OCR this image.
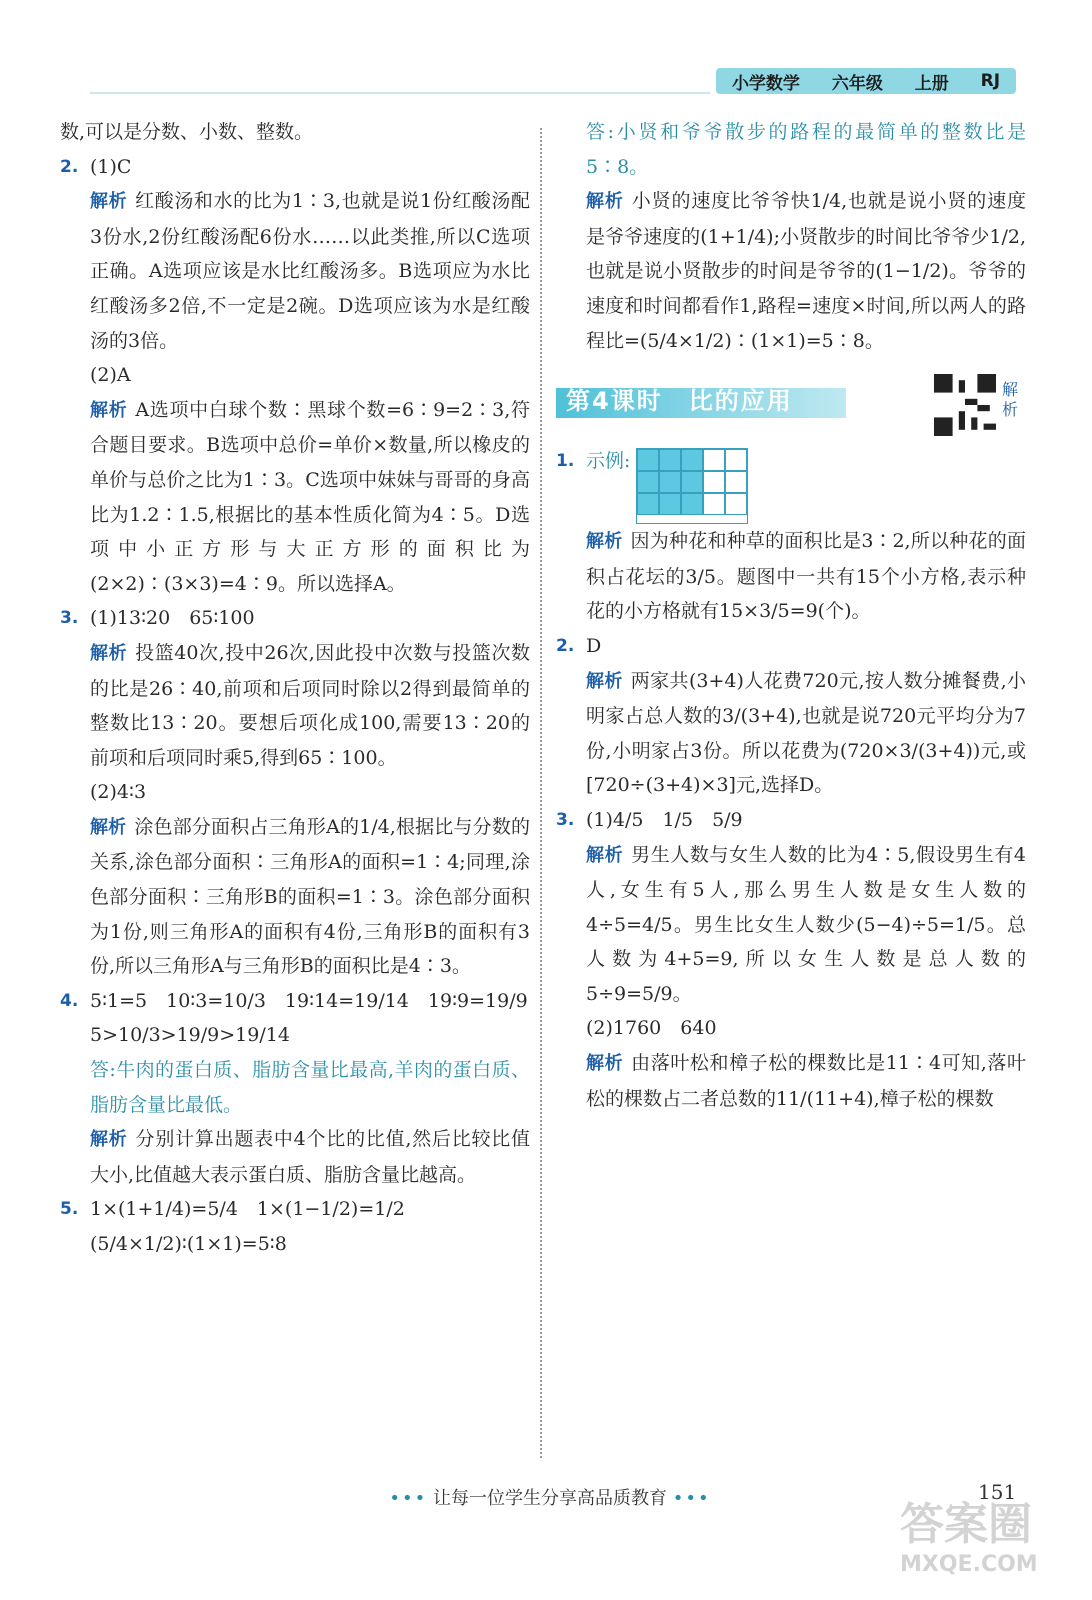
小学数学 六年级 上册 RJ

数,可以是分数、小数、整数。

2. (1)C

解析 红酸汤和水的比为1∶3,也就是说1份红酸汤配3份水,2份红酸汤配6份水……以此类推,所以C选项正确。A选项应该是水比红酸汤多。B选项应为水比红酸汤多2倍,不一定是2碗。D选项应该为水是红酸汤的3倍。

(2)A

解析 A选项中白球个数∶黑球个数=6∶9=2∶3,符合题目要求。B选项中总价=单价×数量,所以橡皮的单价与总价之比为1∶3。C选项中妹妹与哥哥的身高比为1.2∶1.5,根据比的基本性质化简为4∶5。D选项中小正方形与大正方形的面积比为(2×2)∶(3×3)=4∶9。所以选择A。

3. (1)13∶20　65∶100

解析 投篮40次,投中26次,因此投中次数与投篮次数的比是26∶40,前项和后项同时除以2得到最简单的整数比13∶20。要想后项化成100,需要13∶20的前项和后项同时乘5,得到65∶100。

(2)4∶3

解析 涂色部分面积占三角形A的1/4,根据比与分数的关系,涂色部分面积∶三角形A的面积=1∶4;同理,涂色部分面积∶三角形B的面积=1∶3。涂色部分面积为1份,则三角形A的面积有4份,三角形B的面积有3份,所以三角形A与三角形B的面积比是4∶3。

4. 5∶1=5　10∶3=10/3　19∶14=19/14　19∶9=19/9

5>10/3>19/9>19/14

答:牛肉的蛋白质、脂肪含量比最高,羊肉的蛋白质、脂肪含量比最低。

解析 分别计算出题表中4个比的比值,然后比较比值大小,比值越大表示蛋白质、脂肪含量比越高。

5. 1×(1+1/4)=5/4　1×(1−1/2)=1/2

(5/4×1/2)∶(1×1)=5∶8

答:小贤和爷爷散步的路程的最简单的整数比是5∶8。

解析 小贤的速度比爷爷快1/4,也就是说小贤的速度是爷爷速度的(1+1/4);小贤散步的时间比爷爷少1/2,也就是说小贤散步的时间是爷爷的(1−1/2)。爷爷的速度和时间都看作1,路程=速度×时间,所以两人的路程比=(5/4×1/2)∶(1×1)=5∶8。

第4课时　比的应用	解析
1. 示例:

解析 因为种花和种草的面积比是3∶2,所以种花的面积占花坛的3/5。题图中一共有15个小方格,表示种花的小方格就有15×3/5=9(个)。

2. D

解析 两家共(3+4)人花费720元,按人数分摊餐费,小明家占总人数的3/(3+4),也就是说720元平均分为7份,小明家占3份。所以花费为(720×3/(3+4))元,或[720÷(3+4)×3]元,选择D。

3. (1)4/5　1/5　5/9

解析 男生人数与女生人数的比为4∶5,假设男生有4人,女生有5人,那么男生人数是女生人数的4÷5=4/5。男生比女生人数少(5−4)÷5=1/5。总人数为4+5=9,所以女生人数是总人数的5÷9=5/9。

(2)1760　640

解析 由落叶松和樟子松的棵数比是11∶4可知,落叶松的棵数占二者总数的11/(11+4),樟子松的棵数

••• 让每一位学生分享高品质教育 •••	151
答案圈
MXQE.COM
